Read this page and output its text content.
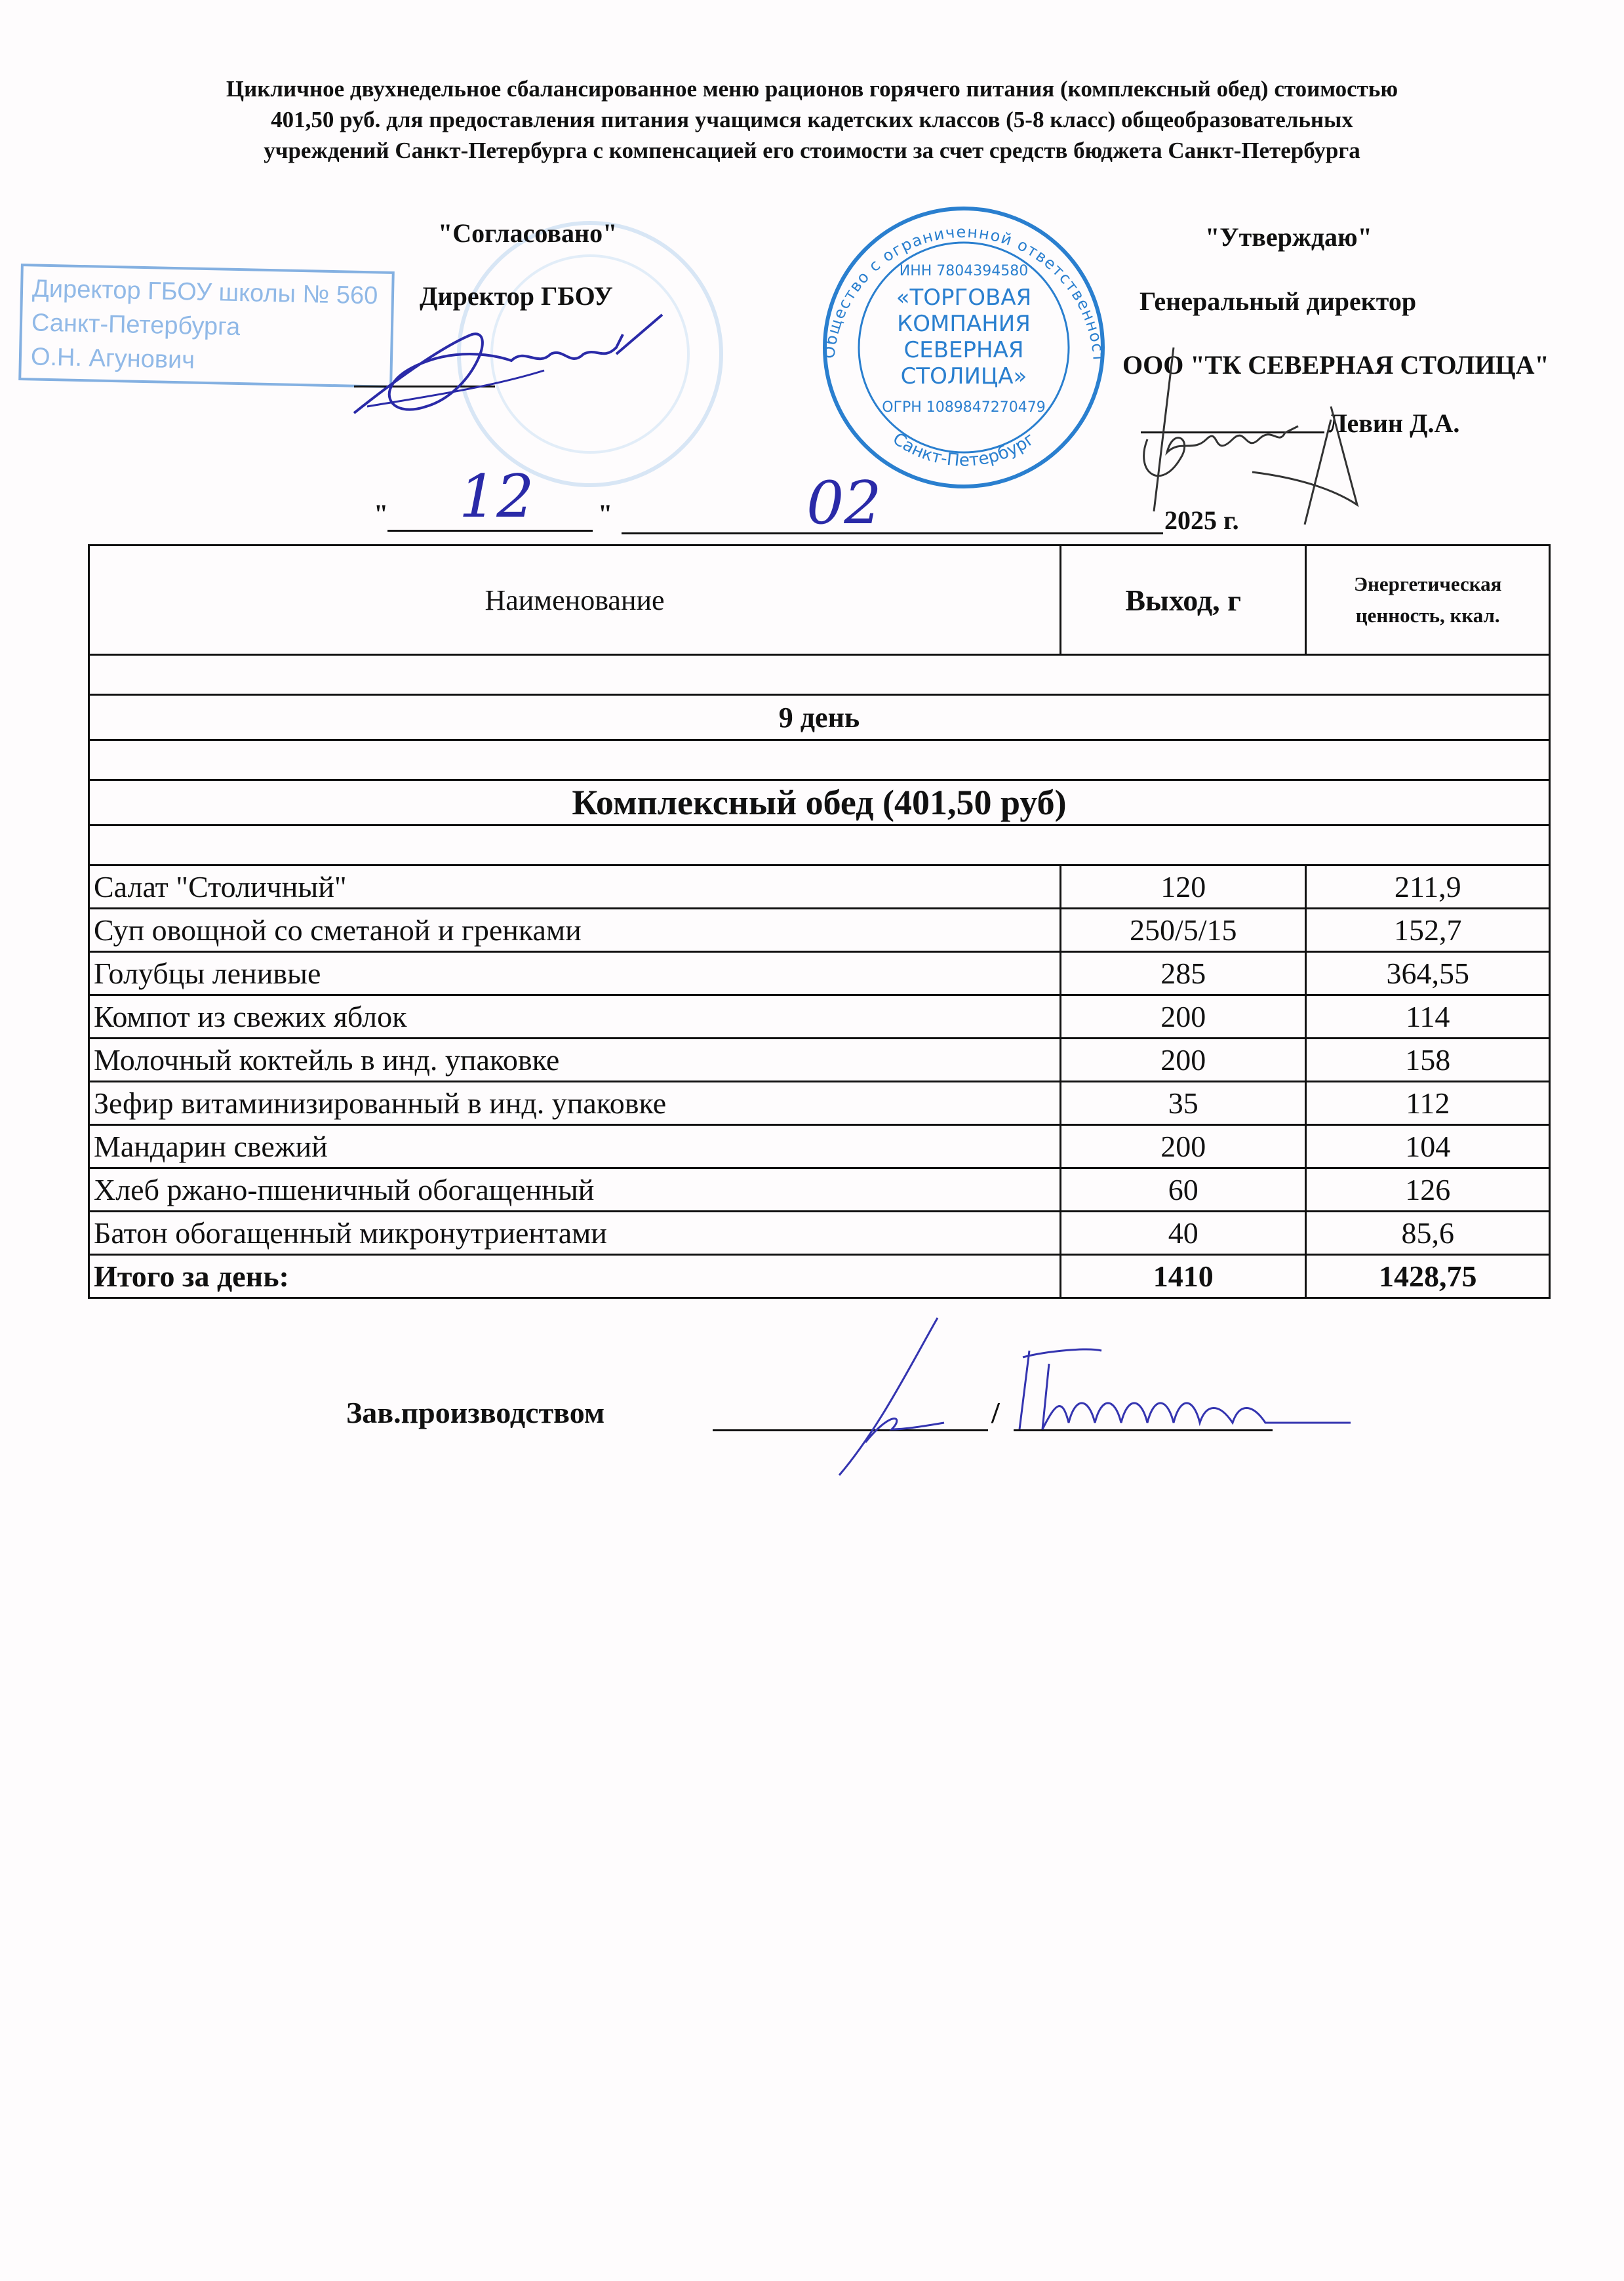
Цикличное двухнедельное сбалансированное меню рационов горячего питания (комплексный обед) стоимостью
401,50 руб. для предоставления питания учащимся кадетских классов (5-8 класс) общеобразовательных
учреждений Санкт-Петербурга с компенсацией его стоимости за счет средств бюджета Санкт-Петербурга
Директор ГБОУ школы № 560
Санкт-Петербурга
О.Н. Агунович
"Согласовано"
Директор ГБОУ
Общество с ограниченной ответственностью
Санкт-Петербург
ИНН 7804394580
«ТОРГОВАЯ
КОМПАНИЯ
СЕВЕРНАЯ
СТОЛИЦА»
ОГРН 1089847270479
"Утверждаю"
Генеральный директор
ООО "ТК СЕВЕРНАЯ СТОЛИЦА"
Левин Д.А.
"	"
12	02	2025 г.
Наименование	Выход, г	Энергетическая
ценность, ккал.

9 день		

Комплексный обед (401,50 руб)		

Салат "Столичный"	120	211,9
Суп овощной со сметаной и гренками	250/5/15	152,7
Голубцы ленивые	285	364,55
Компот из свежих яблок	200	114
Молочный коктейль в инд. упаковке	200	158
Зефир витаминизированный в инд. упаковке	35	112
Мандарин свежий	200	104
Хлеб ржано-пшеничный обогащенный	60	126
Батон обогащенный микронутриентами	40	85,6
Итого за день:	1410	1428,75
Зав.производством	/
